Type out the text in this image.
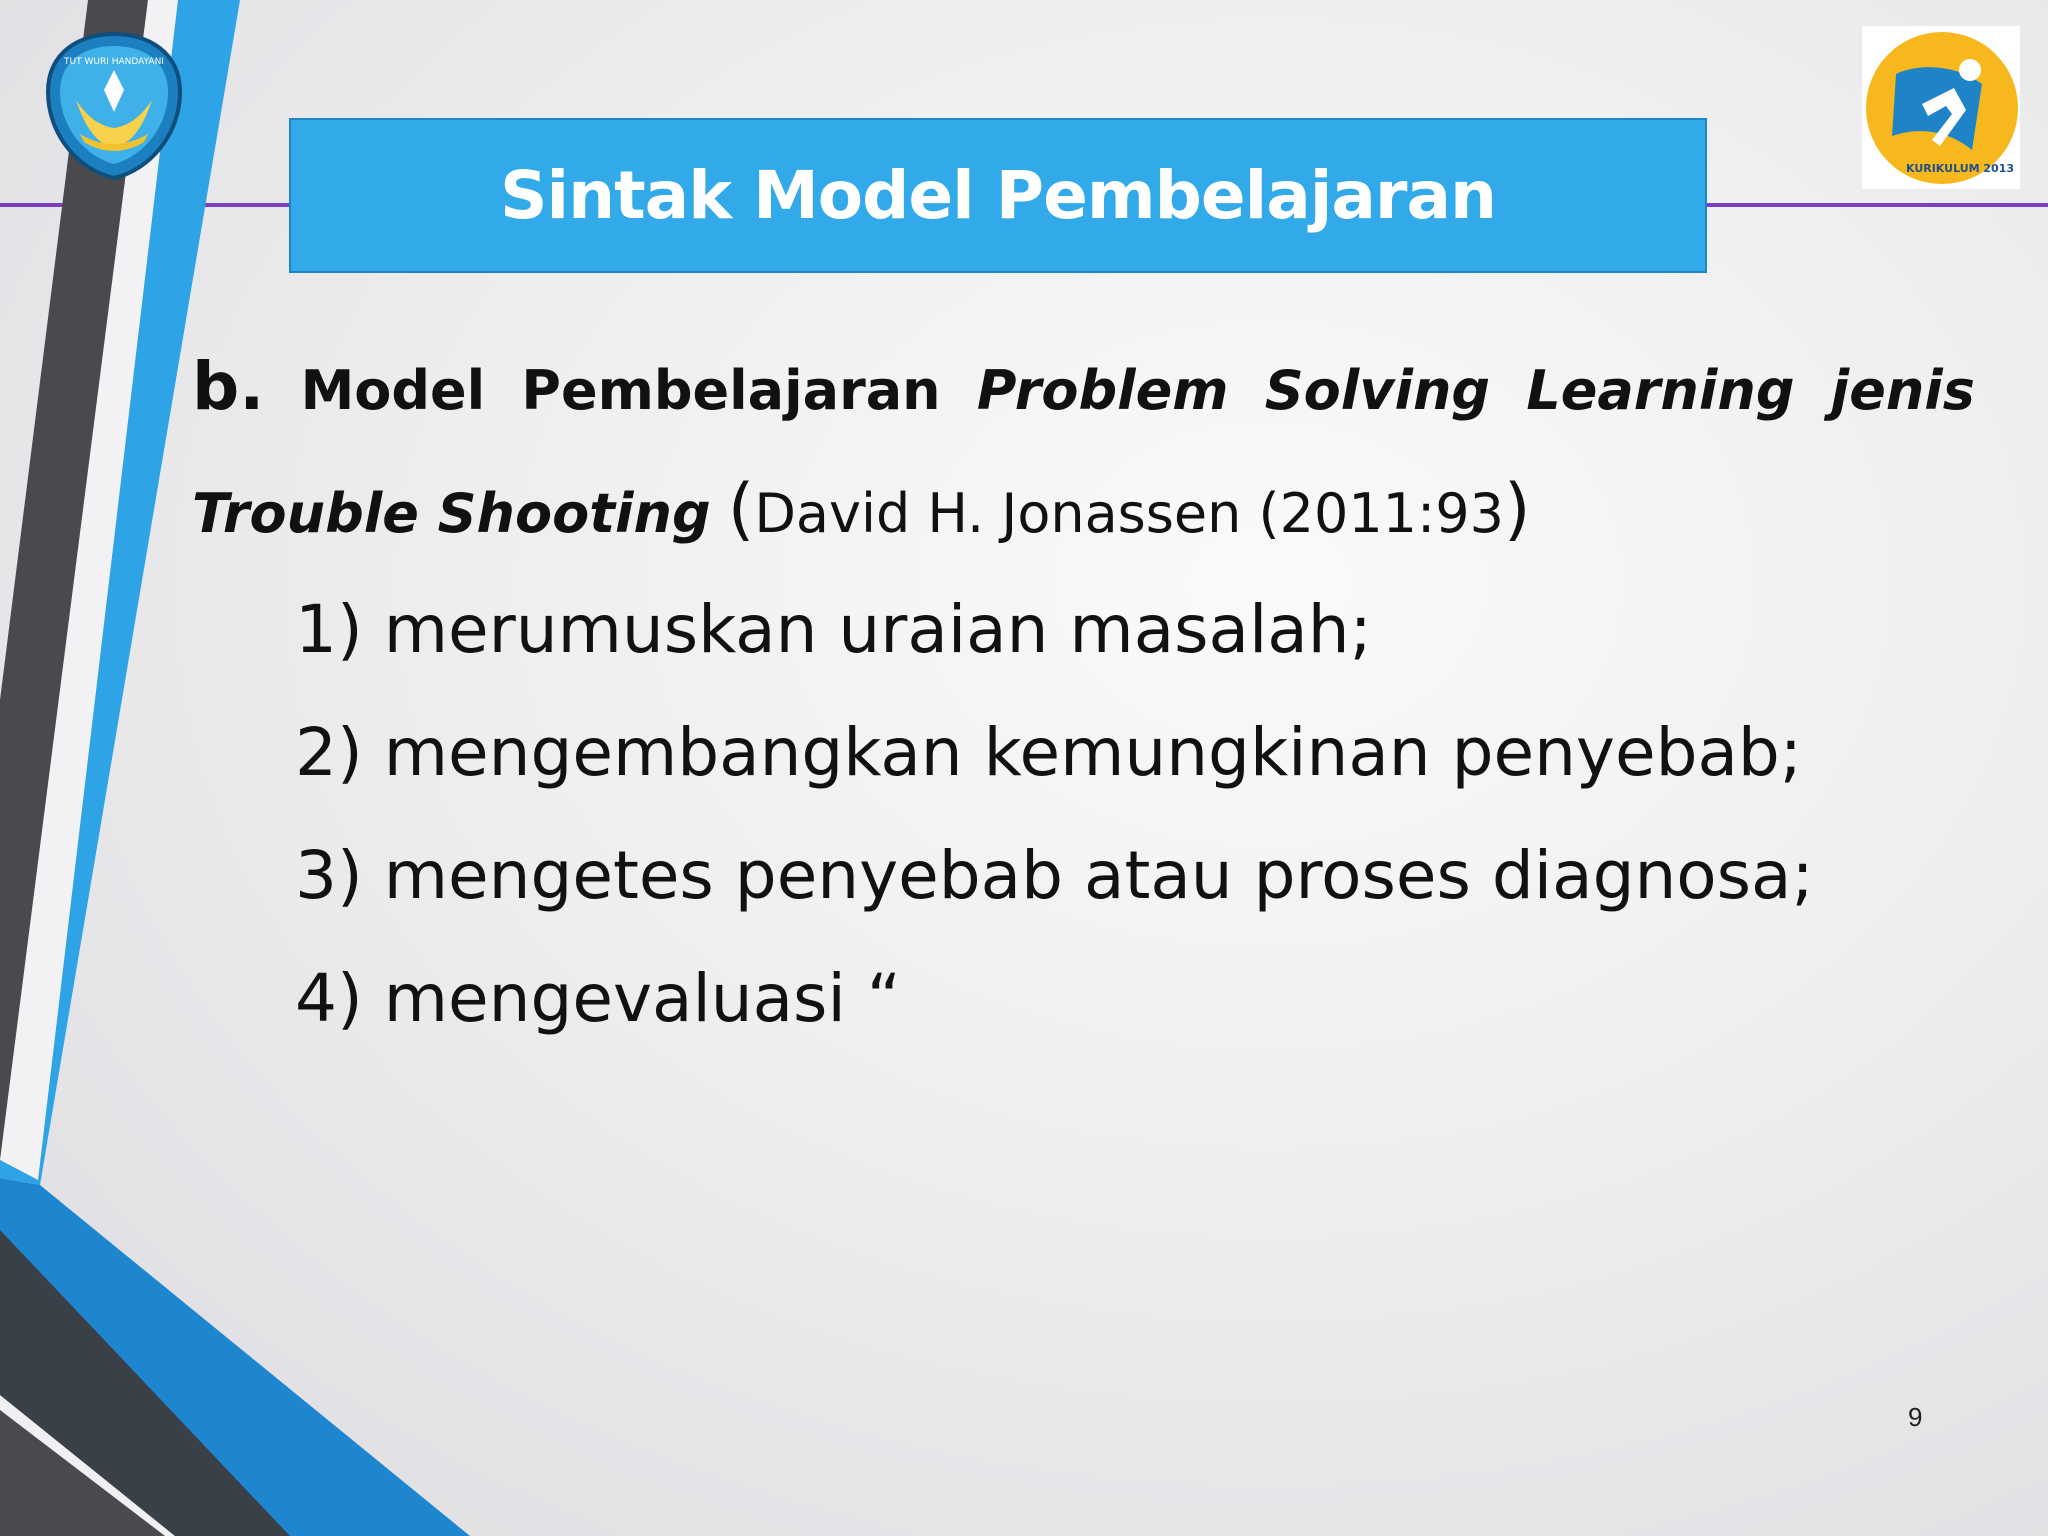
TUT WURI HANDAYANI
KURIKULUM 2013
Sintak Model Pembelajaran
b. Model Pembelajaran Problem Solving Learning jenis
Trouble Shooting (David H. Jonassen (2011:93)
1) merumuskan uraian masalah;
2) mengembangkan kemungkinan penyebab;
3) mengetes penyebab atau proses diagnosa;
4) mengevaluasi “
9
